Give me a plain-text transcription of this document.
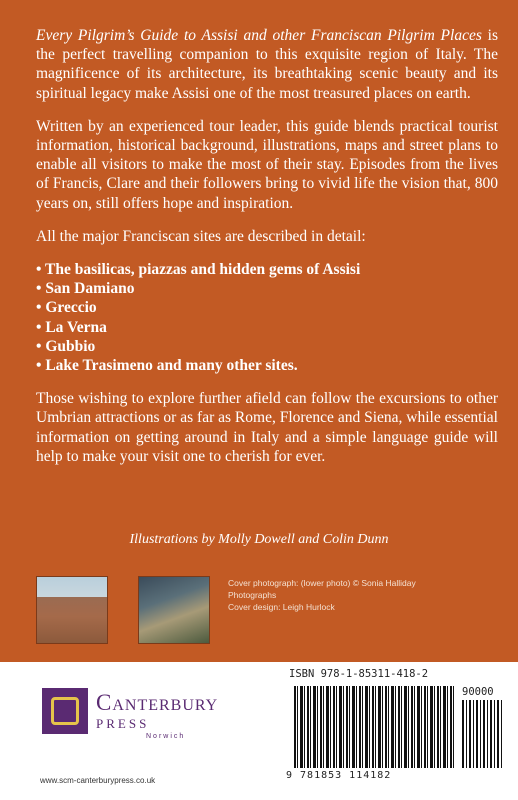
Every Pilgrim’s Guide to Assisi and other Franciscan Pilgrim Places is the perfect travelling companion to this exquisite region of Italy. The magnificence of its architecture, its breathtaking scenic beauty and its spiritual legacy make Assisi one of the most treasured places on earth.

Written by an experienced tour leader, this guide blends practical tourist information, historical background, illustrations, maps and street plans to enable all visitors to make the most of their stay. Episodes from the lives of Francis, Clare and their followers bring to vivid life the vision that, 800 years on, still offers hope and inspiration.

All the major Franciscan sites are described in detail:

• The basilicas, piazzas and hidden gems of Assisi
• San Damiano
• Greccio
• La Verna
• Gubbio
• Lake Trasimeno and many other sites.

Those wishing to explore further afield can follow the excursions to other Umbrian attractions or as far as Rome, Florence and Siena, while essential information on getting around in Italy and a simple language guide will help to make your visit one to cherish for ever.

Illustrations by Molly Dowell and Colin Dunn
Cover photograph: (lower photo) © Sonia Halliday
Photographs
Cover design: Leigh Hurlock
Canterbury
PRESS
Norwich
www.scm-canterburypress.co.uk
ISBN 978-1-85311-418-2
90000
9 781853 114182
